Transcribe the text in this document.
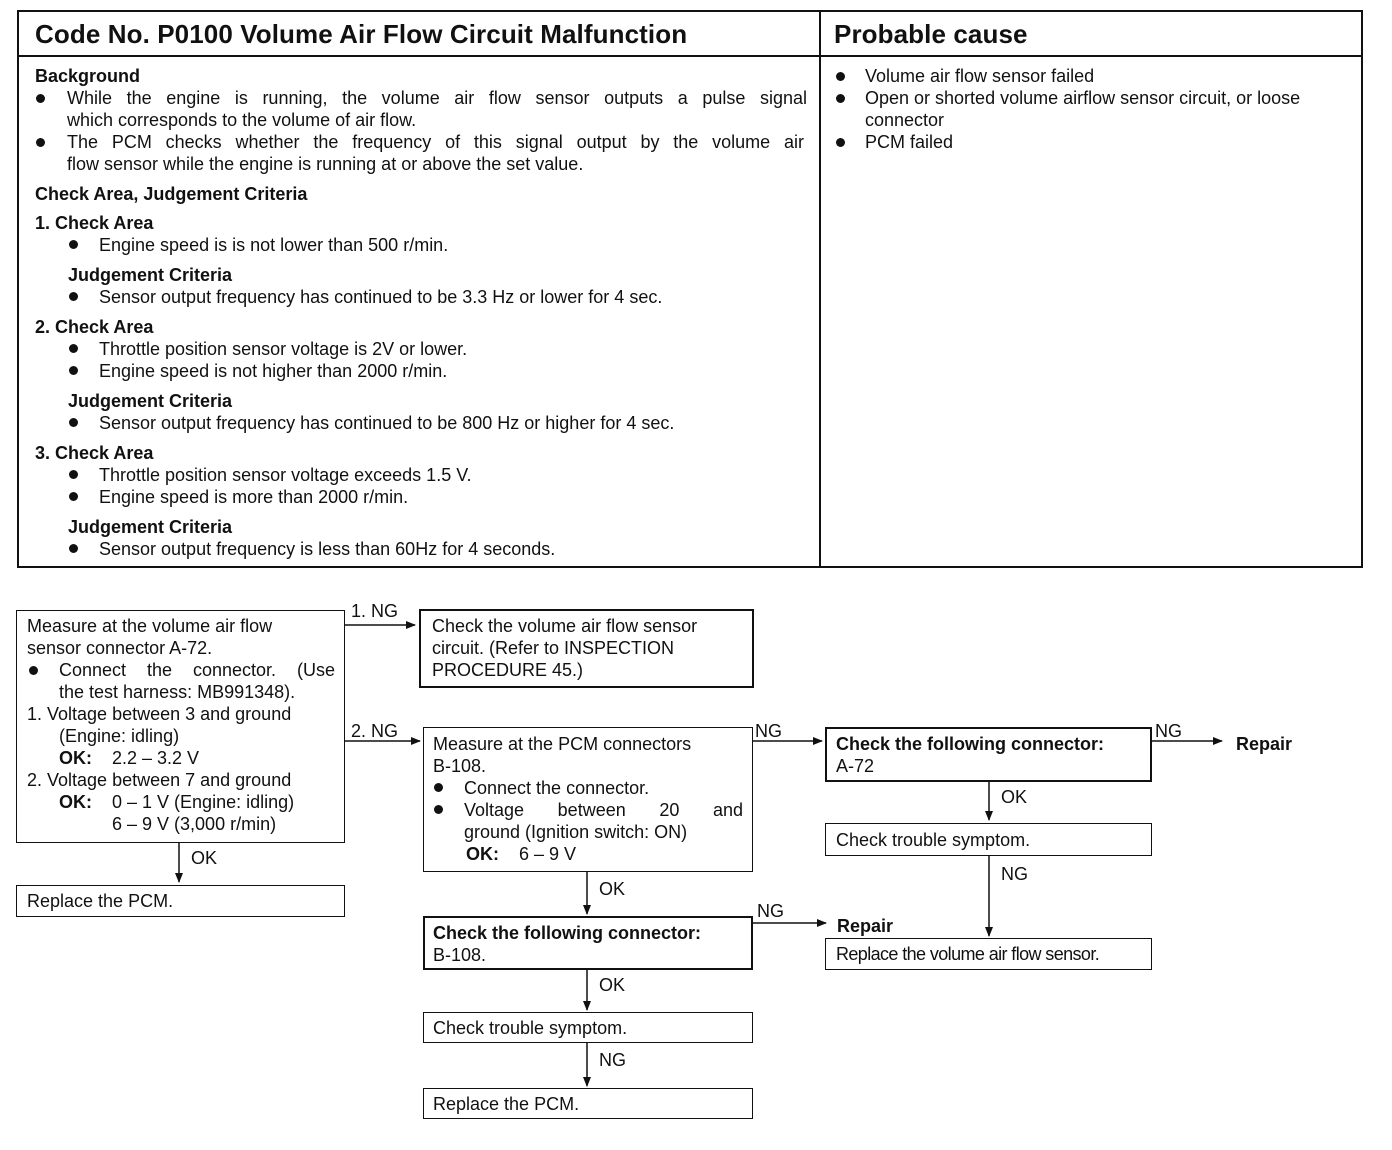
Code No. P0100 Volume Air Flow Circuit Malfunction	Probable cause
Background
While the engine is running, the volume air flow sensor outputs a pulse signal
which corresponds to the volume of air flow.
The PCM checks whether the frequency of this signal output by the volume air
flow sensor while the engine is running at or above the set value.
Check Area, Judgement Criteria
1. Check Area
Engine speed is is not lower than 500 r/min.
Judgement Criteria
Sensor output frequency has continued to be 3.3 Hz or lower for 4 sec.
2. Check Area
Throttle position sensor voltage is 2V or lower.
Engine speed is not higher than 2000 r/min.
Judgement Criteria
Sensor output frequency has continued to be 800 Hz or higher for 4 sec.
3. Check Area
Throttle position sensor voltage exceeds 1.5 V.
Engine speed is more than 2000 r/min.
Judgement Criteria
Sensor output frequency is less than 60Hz for 4 seconds.
Volume air flow sensor failed
Open or shorted volume airflow sensor circuit, or loose
connector
PCM failed
Measure at the volume air flow
sensor connector A-72.
Connect the connector. (Use
the test harness: MB991348).
1. Voltage between 3 and ground
(Engine: idling)
OK: 2.2 – 3.2 V
2. Voltage between 7 and ground
OK: 0 – 1 V (Engine: idling)
6 – 9 V (3,000 r/min)
1. NG
Check the volume air flow sensor
circuit. (Refer to INSPECTION
PROCEDURE 45.)
2. NG
OK
Replace the PCM.
Measure at the PCM connectors
B-108.
Connect the connector.
Voltage between 20 and
ground (Ignition switch: ON)
OK: 6 – 9 V
NG
Check the following connector:
A-72
NG
Repair
OK
Check trouble symptom.
NG
Replace the volume air flow sensor.
OK
Check the following connector:
B-108.
NG
Repair
OK
Check trouble symptom.
NG
Replace the PCM.
